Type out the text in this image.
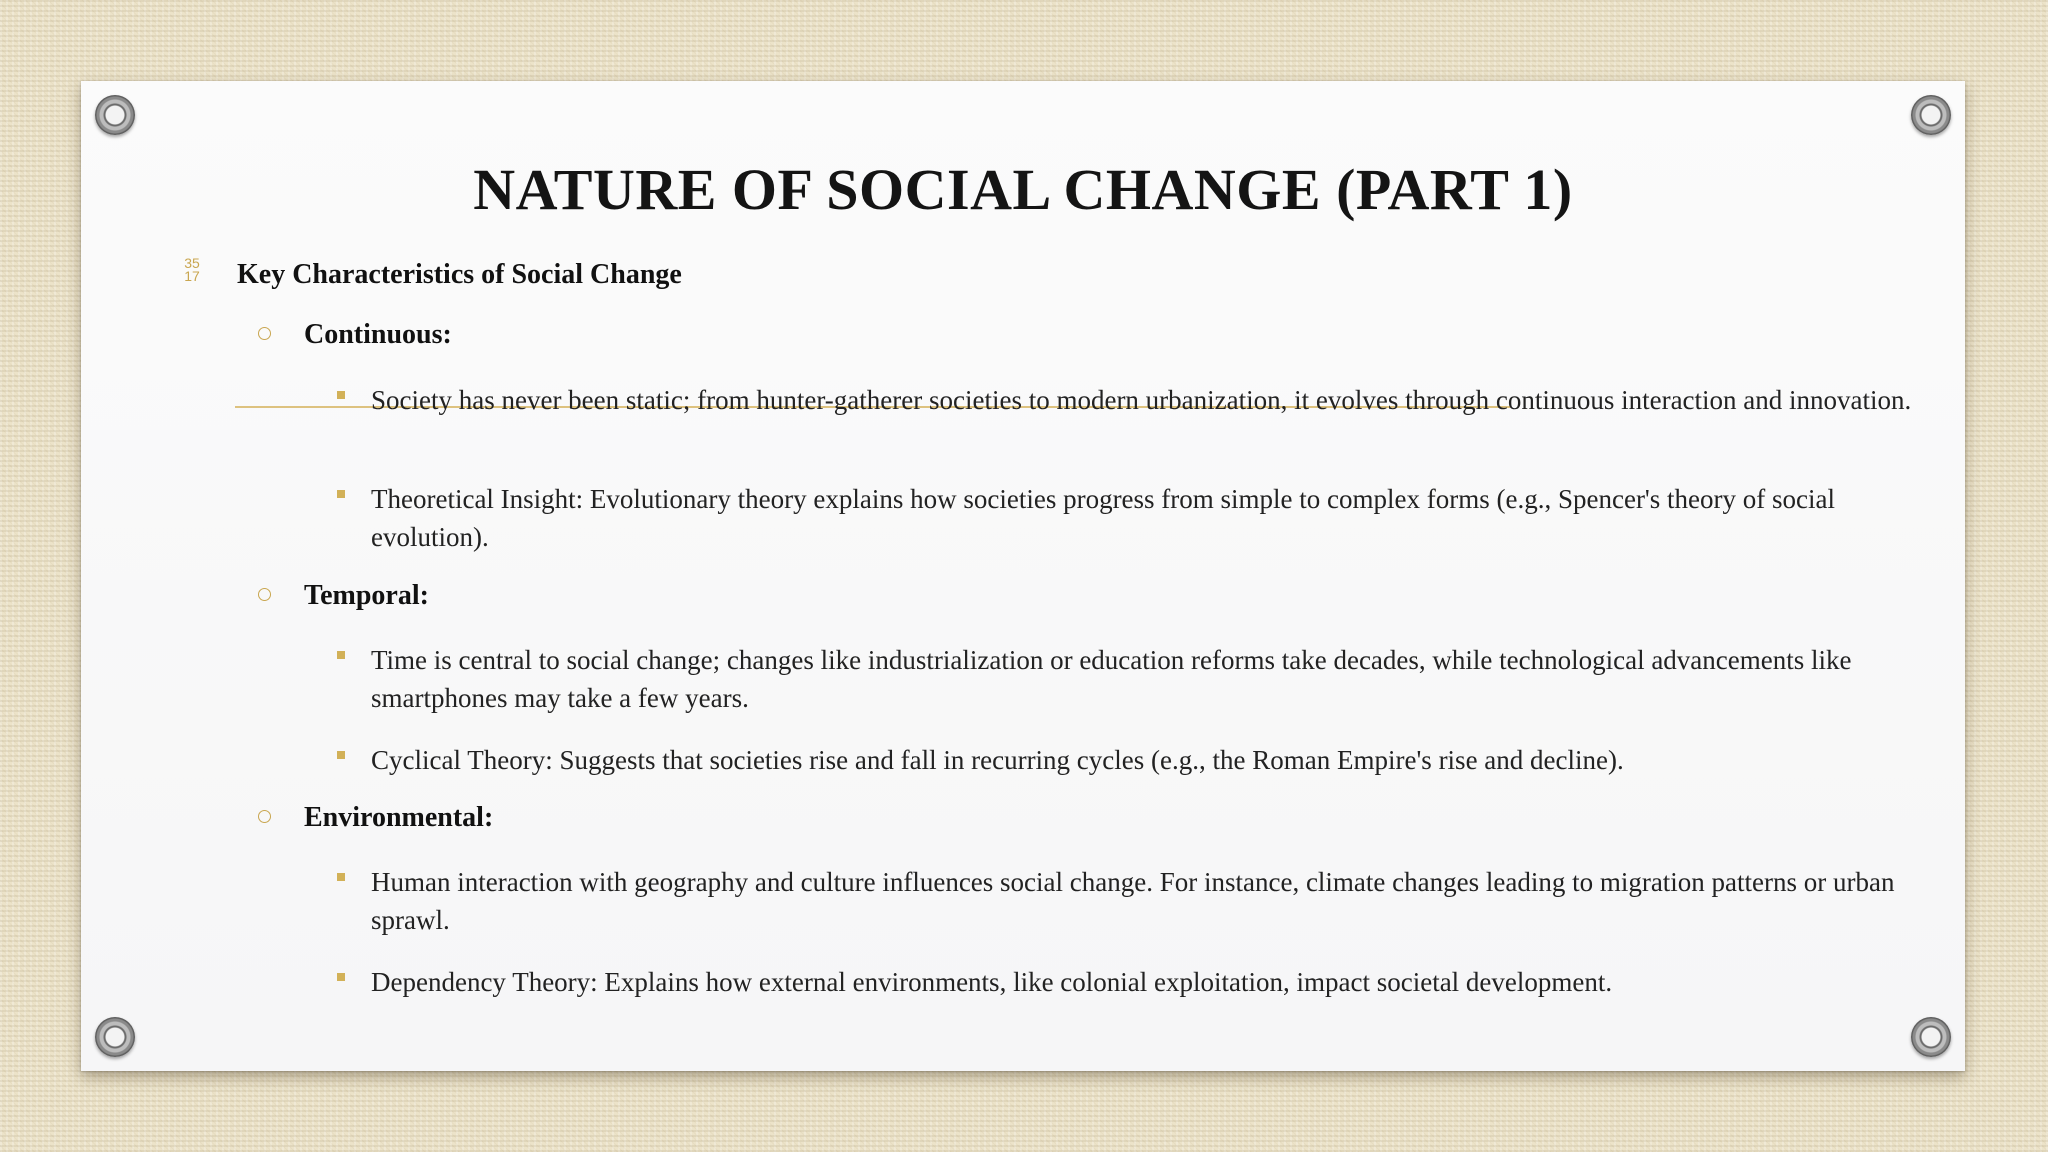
NATURE OF SOCIAL CHANGE (PART 1)
35
17 Key Characteristics of Social Change
Continuous:
Society has never been static; from hunter-gatherer societies to modern urbanization, it evolves through continuous interaction and innovation.
Theoretical Insight: Evolutionary theory explains how societies progress from simple to complex forms (e.g., Spencer's theory of social evolution).
Temporal:
Time is central to social change; changes like industrialization or education reforms take decades, while technological advancements like smartphones may take a few years.
Cyclical Theory: Suggests that societies rise and fall in recurring cycles (e.g., the Roman Empire's rise and decline).
Environmental:
Human interaction with geography and culture influences social change. For instance, climate changes leading to migration patterns or urban sprawl.
Dependency Theory: Explains how external environments, like colonial exploitation, impact societal development.
